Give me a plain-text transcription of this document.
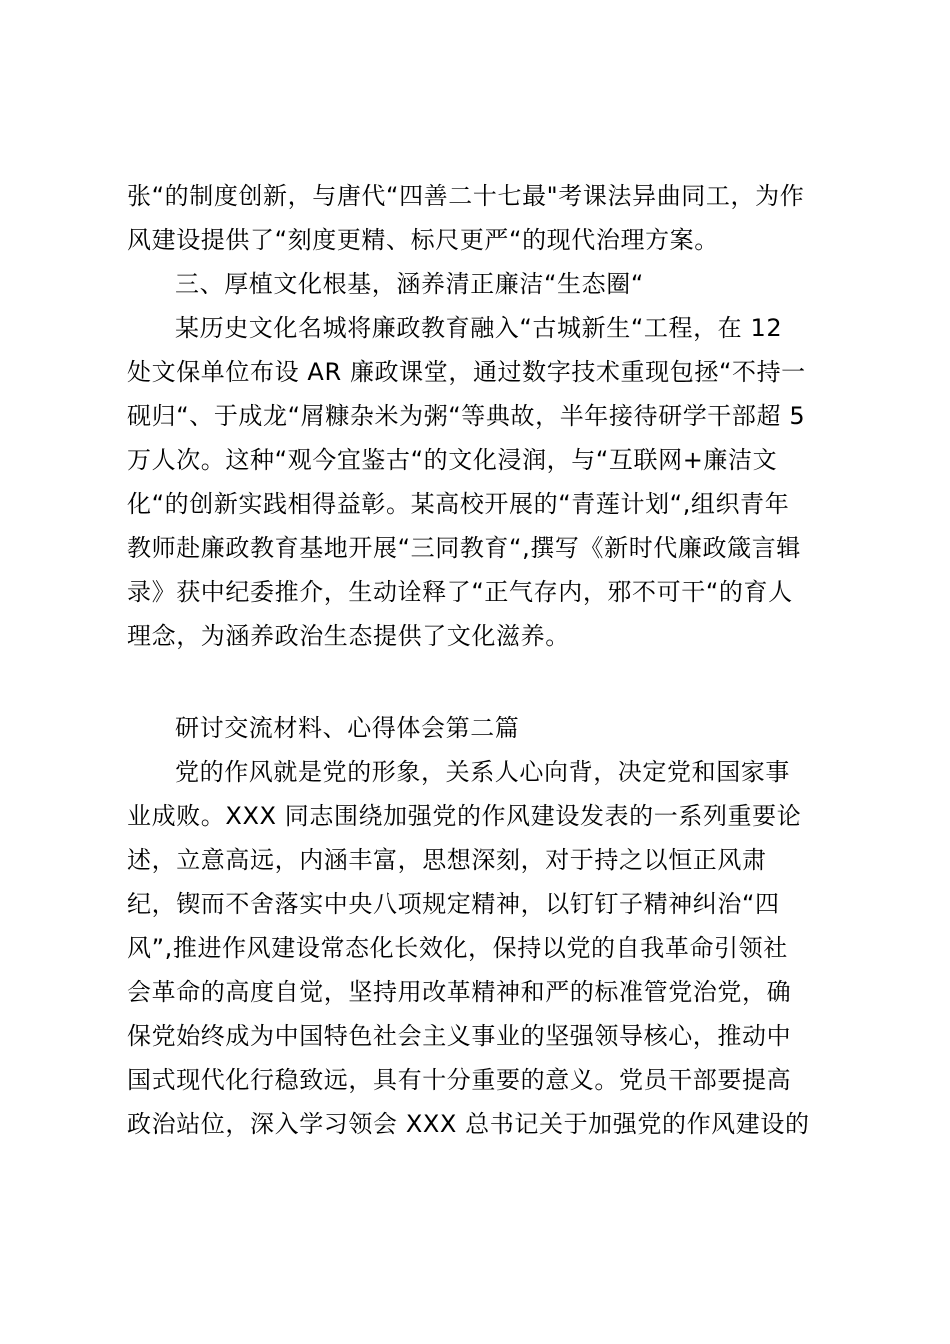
张“的制度创新，与唐代“四善二十七最"考课法异曲同工，为作
风建设提供了“刻度更精、标尺更严“的现代治理方案。
三、厚植文化根基，涵养清正廉洁“生态圈“
某历史文化名城将廉政教育融入“古城新生“工程，在 12
处文保单位布设 AR 廉政课堂，通过数字技术重现包拯“不持一
砚归“、于成龙“屑糠杂米为粥“等典故，半年接待研学干部超 5
万人次。这种“观今宜鉴古“的文化浸润，与“互联网+廉洁文
化“的创新实践相得益彰。某高校开展的“青莲计划“,组织青年
教师赴廉政教育基地开展“三同教育“,撰写《新时代廉政箴言辑
录》获中纪委推介，生动诠释了“正气存内，邪不可干“的育人
理念，为涵养政治生态提供了文化滋养。
研讨交流材料、心得体会第二篇
党的作风就是党的形象，关系人心向背，决定党和国家事
业成败。XXX 同志围绕加强党的作风建设发表的一系列重要论
述，立意高远，内涵丰富，思想深刻，对于持之以恒正风肃
纪，锲而不舍落实中央八项规定精神，以钉钉子精神纠治“四
风”,推进作风建设常态化长效化，保持以党的自我革命引领社
会革命的高度自觉，坚持用改革精神和严的标准管党治党，确
保党始终成为中国特色社会主义事业的坚强领导核心，推动中
国式现代化行稳致远，具有十分重要的意义。党员干部要提高
政治站位，深入学习领会 XXX 总书记关于加强党的作风建设的
